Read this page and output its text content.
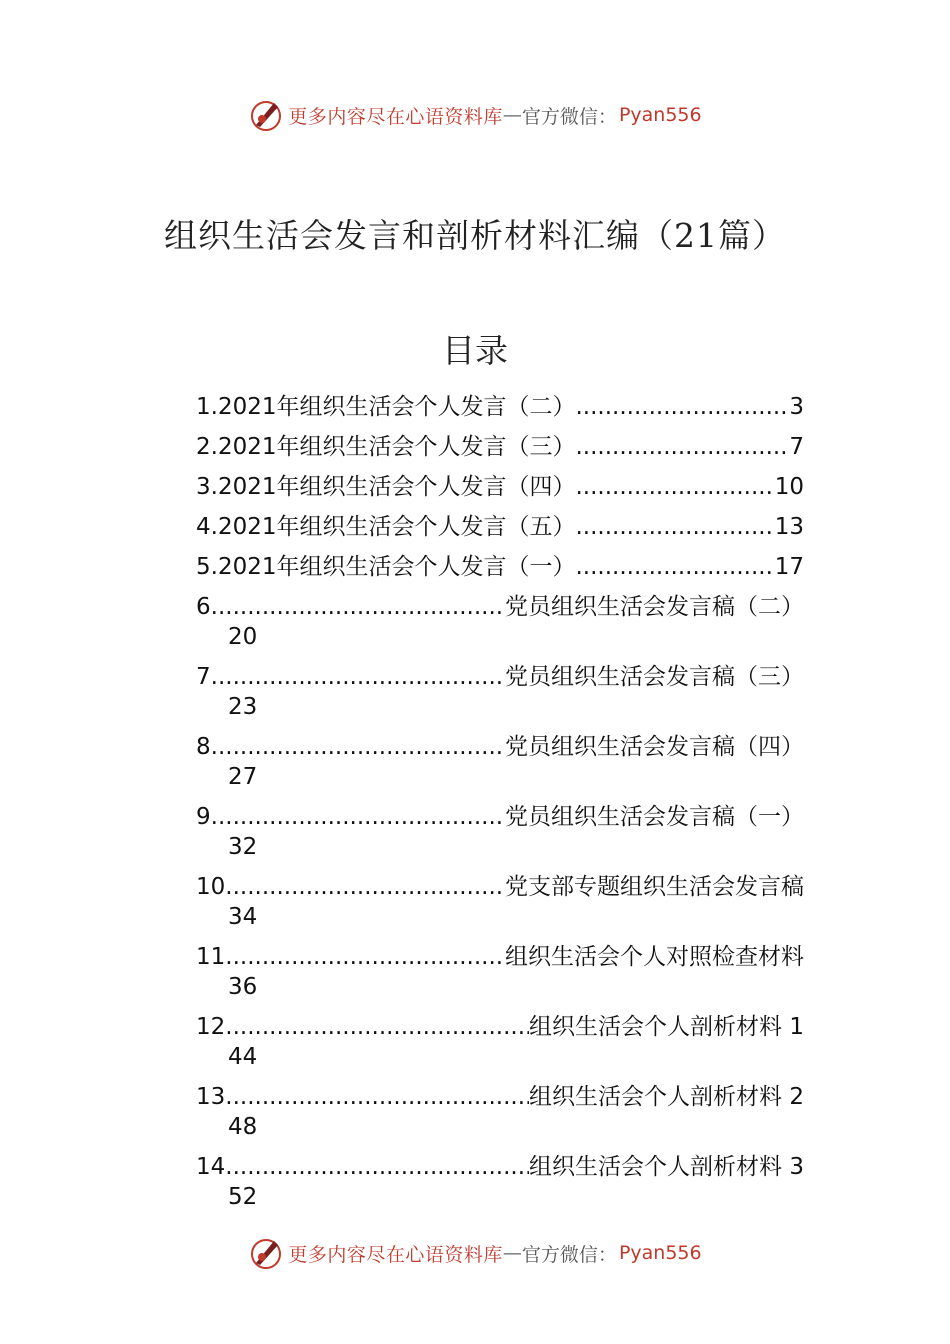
更多内容尽在心语资料库 — 官方微信： Pyan556
组织生活会发言和剖析材料汇编（21篇）
目录
1.2021年组织生活会个人发言（二） .....	3
2.2021年组织生活会个人发言（三） .....	7
3.2021年组织生活会个人发言（四） .....	10
4.2021年组织生活会个人发言（五） .....	13
5.2021年组织生活会个人发言（一） .....	17
6 .....	党员组织生活会发言稿（二）
20
7 .....	党员组织生活会发言稿（三）
23
8 .....	党员组织生活会发言稿（四）
27
9 .....	党员组织生活会发言稿（一）
32
10 .....	党支部专题组织生活会发言稿
34
11 .....	组织生活会个人对照检查材料
36
12 .....	组织生活会个人剖析材料 1
44
13 .....	组织生活会个人剖析材料 2
48
14 .....	组织生活会个人剖析材料 3
52
更多内容尽在心语资料库 — 官方微信： Pyan556
